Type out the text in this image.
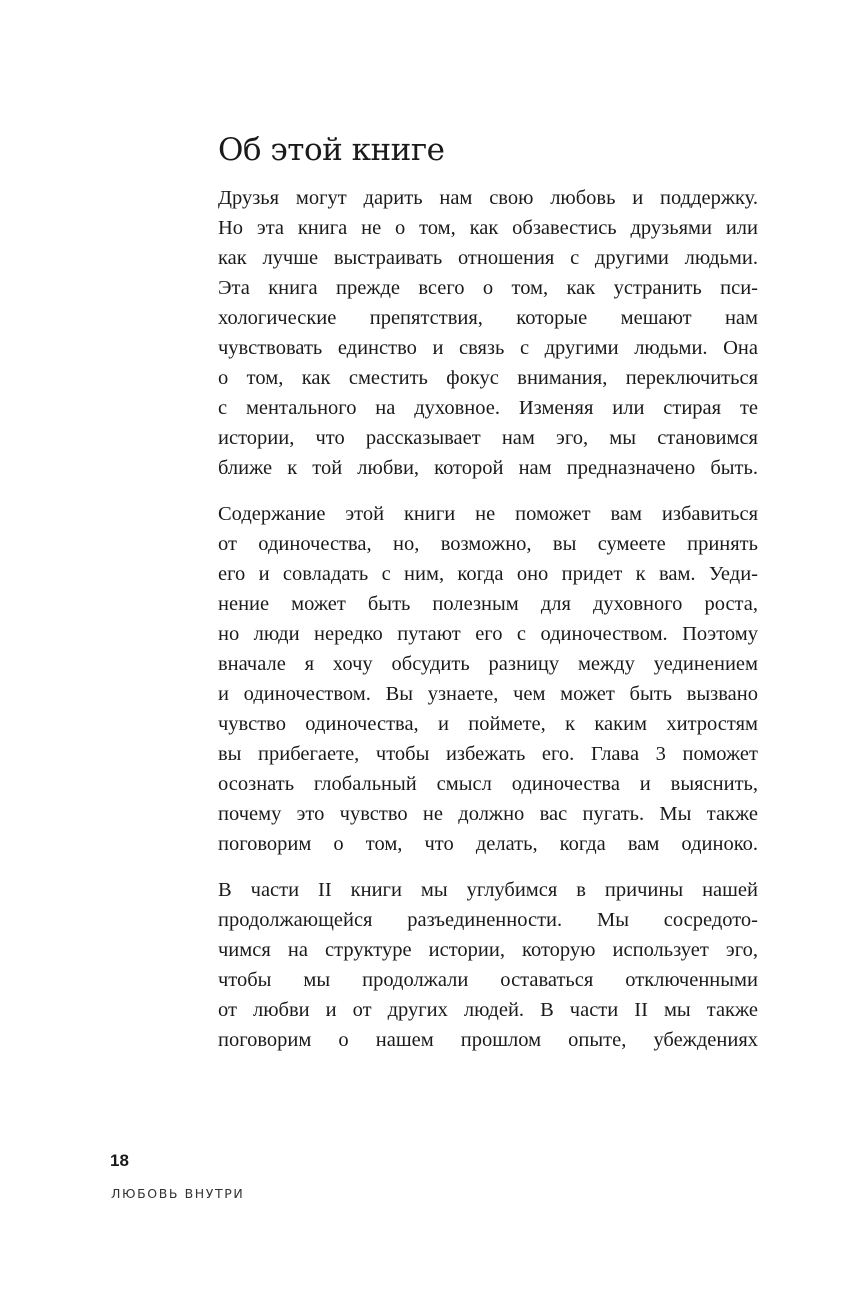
Об этой книге
Друзья могут дарить нам свою любовь и поддержку.
Но эта книга не о том, как обзавестись друзьями или
как лучше выстраивать отношения с другими людьми.
Эта книга прежде всего о том, как устранить пси-
хологические препятствия, которые мешают нам
чувствовать единство и связь с другими людьми. Она
о том, как сместить фокус внимания, переключиться
с ментального на духовное. Изменяя или стирая те
истории, что рассказывает нам эго, мы становимся
ближе к той любви, которой нам предназначено быть.
Содержание этой книги не поможет вам избавиться
от одиночества, но, возможно, вы сумеете принять
его и совладать с ним, когда оно придет к вам. Уеди-
нение может быть полезным для духовного роста,
но люди нередко путают его с одиночеством. Поэтому
вначале я хочу обсудить разницу между уединением
и одиночеством. Вы узнаете, чем может быть вызвано
чувство одиночества, и поймете, к каким хитростям
вы прибегаете, чтобы избежать его. Глава 3 поможет
осознать глобальный смысл одиночества и выяснить,
почему это чувство не должно вас пугать. Мы также
поговорим о том, что делать, когда вам одиноко.
В части II книги мы углубимся в причины нашей
продолжающейся разъединенности. Мы сосредото-
чимся на структуре истории, которую использует эго,
чтобы мы продолжали оставаться отключенными
от любви и от других людей. В части II мы также
поговорим о нашем прошлом опыте, убеждениях
18
ЛЮБОВЬ ВНУТРИ
